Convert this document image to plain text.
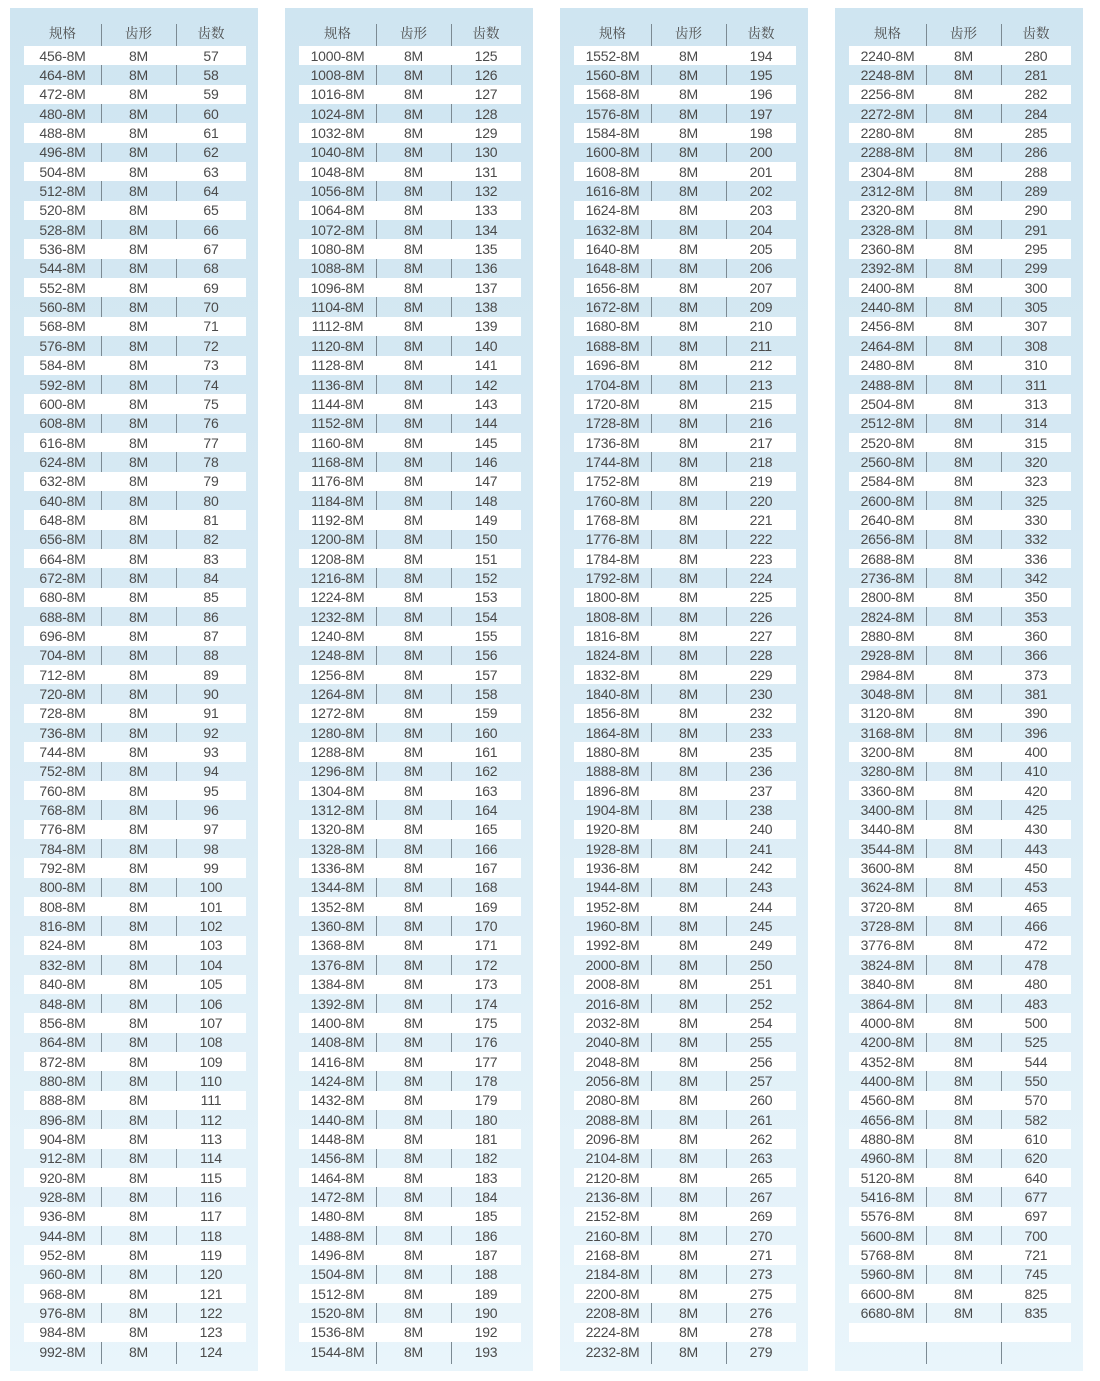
规格	齿形	齿数
456-8M	8M	57
464-8M	8M	58
472-8M	8M	59
480-8M	8M	60
488-8M	8M	61
496-8M	8M	62
504-8M	8M	63
512-8M	8M	64
520-8M	8M	65
528-8M	8M	66
536-8M	8M	67
544-8M	8M	68
552-8M	8M	69
560-8M	8M	70
568-8M	8M	71
576-8M	8M	72
584-8M	8M	73
592-8M	8M	74
600-8M	8M	75
608-8M	8M	76
616-8M	8M	77
624-8M	8M	78
632-8M	8M	79
640-8M	8M	80
648-8M	8M	81
656-8M	8M	82
664-8M	8M	83
672-8M	8M	84
680-8M	8M	85
688-8M	8M	86
696-8M	8M	87
704-8M	8M	88
712-8M	8M	89
720-8M	8M	90
728-8M	8M	91
736-8M	8M	92
744-8M	8M	93
752-8M	8M	94
760-8M	8M	95
768-8M	8M	96
776-8M	8M	97
784-8M	8M	98
792-8M	8M	99
800-8M	8M	100
808-8M	8M	101
816-8M	8M	102
824-8M	8M	103
832-8M	8M	104
840-8M	8M	105
848-8M	8M	106
856-8M	8M	107
864-8M	8M	108
872-8M	8M	109
880-8M	8M	110
888-8M	8M	111
896-8M	8M	112
904-8M	8M	113
912-8M	8M	114
920-8M	8M	115
928-8M	8M	116
936-8M	8M	117
944-8M	8M	118
952-8M	8M	119
960-8M	8M	120
968-8M	8M	121
976-8M	8M	122
984-8M	8M	123
992-8M	8M	124
规格	齿形	齿数
1000-8M	8M	125
1008-8M	8M	126
1016-8M	8M	127
1024-8M	8M	128
1032-8M	8M	129
1040-8M	8M	130
1048-8M	8M	131
1056-8M	8M	132
1064-8M	8M	133
1072-8M	8M	134
1080-8M	8M	135
1088-8M	8M	136
1096-8M	8M	137
1104-8M	8M	138
1112-8M	8M	139
1120-8M	8M	140
1128-8M	8M	141
1136-8M	8M	142
1144-8M	8M	143
1152-8M	8M	144
1160-8M	8M	145
1168-8M	8M	146
1176-8M	8M	147
1184-8M	8M	148
1192-8M	8M	149
1200-8M	8M	150
1208-8M	8M	151
1216-8M	8M	152
1224-8M	8M	153
1232-8M	8M	154
1240-8M	8M	155
1248-8M	8M	156
1256-8M	8M	157
1264-8M	8M	158
1272-8M	8M	159
1280-8M	8M	160
1288-8M	8M	161
1296-8M	8M	162
1304-8M	8M	163
1312-8M	8M	164
1320-8M	8M	165
1328-8M	8M	166
1336-8M	8M	167
1344-8M	8M	168
1352-8M	8M	169
1360-8M	8M	170
1368-8M	8M	171
1376-8M	8M	172
1384-8M	8M	173
1392-8M	8M	174
1400-8M	8M	175
1408-8M	8M	176
1416-8M	8M	177
1424-8M	8M	178
1432-8M	8M	179
1440-8M	8M	180
1448-8M	8M	181
1456-8M	8M	182
1464-8M	8M	183
1472-8M	8M	184
1480-8M	8M	185
1488-8M	8M	186
1496-8M	8M	187
1504-8M	8M	188
1512-8M	8M	189
1520-8M	8M	190
1536-8M	8M	192
1544-8M	8M	193
规格	齿形	齿数
1552-8M	8M	194
1560-8M	8M	195
1568-8M	8M	196
1576-8M	8M	197
1584-8M	8M	198
1600-8M	8M	200
1608-8M	8M	201
1616-8M	8M	202
1624-8M	8M	203
1632-8M	8M	204
1640-8M	8M	205
1648-8M	8M	206
1656-8M	8M	207
1672-8M	8M	209
1680-8M	8M	210
1688-8M	8M	211
1696-8M	8M	212
1704-8M	8M	213
1720-8M	8M	215
1728-8M	8M	216
1736-8M	8M	217
1744-8M	8M	218
1752-8M	8M	219
1760-8M	8M	220
1768-8M	8M	221
1776-8M	8M	222
1784-8M	8M	223
1792-8M	8M	224
1800-8M	8M	225
1808-8M	8M	226
1816-8M	8M	227
1824-8M	8M	228
1832-8M	8M	229
1840-8M	8M	230
1856-8M	8M	232
1864-8M	8M	233
1880-8M	8M	235
1888-8M	8M	236
1896-8M	8M	237
1904-8M	8M	238
1920-8M	8M	240
1928-8M	8M	241
1936-8M	8M	242
1944-8M	8M	243
1952-8M	8M	244
1960-8M	8M	245
1992-8M	8M	249
2000-8M	8M	250
2008-8M	8M	251
2016-8M	8M	252
2032-8M	8M	254
2040-8M	8M	255
2048-8M	8M	256
2056-8M	8M	257
2080-8M	8M	260
2088-8M	8M	261
2096-8M	8M	262
2104-8M	8M	263
2120-8M	8M	265
2136-8M	8M	267
2152-8M	8M	269
2160-8M	8M	270
2168-8M	8M	271
2184-8M	8M	273
2200-8M	8M	275
2208-8M	8M	276
2224-8M	8M	278
2232-8M	8M	279
规格	齿形	齿数
2240-8M	8M	280
2248-8M	8M	281
2256-8M	8M	282
2272-8M	8M	284
2280-8M	8M	285
2288-8M	8M	286
2304-8M	8M	288
2312-8M	8M	289
2320-8M	8M	290
2328-8M	8M	291
2360-8M	8M	295
2392-8M	8M	299
2400-8M	8M	300
2440-8M	8M	305
2456-8M	8M	307
2464-8M	8M	308
2480-8M	8M	310
2488-8M	8M	311
2504-8M	8M	313
2512-8M	8M	314
2520-8M	8M	315
2560-8M	8M	320
2584-8M	8M	323
2600-8M	8M	325
2640-8M	8M	330
2656-8M	8M	332
2688-8M	8M	336
2736-8M	8M	342
2800-8M	8M	350
2824-8M	8M	353
2880-8M	8M	360
2928-8M	8M	366
2984-8M	8M	373
3048-8M	8M	381
3120-8M	8M	390
3168-8M	8M	396
3200-8M	8M	400
3280-8M	8M	410
3360-8M	8M	420
3400-8M	8M	425
3440-8M	8M	430
3544-8M	8M	443
3600-8M	8M	450
3624-8M	8M	453
3720-8M	8M	465
3728-8M	8M	466
3776-8M	8M	472
3824-8M	8M	478
3840-8M	8M	480
3864-8M	8M	483
4000-8M	8M	500
4200-8M	8M	525
4352-8M	8M	544
4400-8M	8M	550
4560-8M	8M	570
4656-8M	8M	582
4880-8M	8M	610
4960-8M	8M	620
5120-8M	8M	640
5416-8M	8M	677
5576-8M	8M	697
5600-8M	8M	700
5768-8M	8M	721
5960-8M	8M	745
6600-8M	8M	825
6680-8M	8M	835
